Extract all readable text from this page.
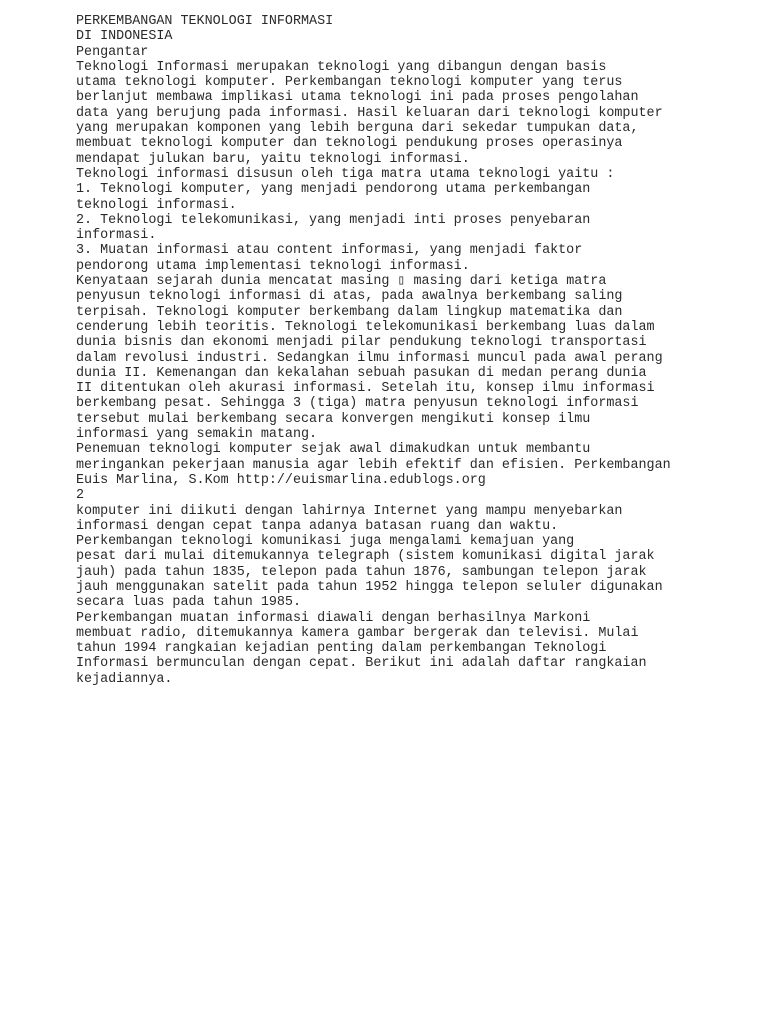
PERKEMBANGAN TEKNOLOGI INFORMASI
DI INDONESIA
Pengantar
Teknologi Informasi merupakan teknologi yang dibangun dengan basis
utama teknologi komputer. Perkembangan teknologi komputer yang terus
berlanjut membawa implikasi utama teknologi ini pada proses pengolahan
data yang berujung pada informasi. Hasil keluaran dari teknologi komputer
yang merupakan komponen yang lebih berguna dari sekedar tumpukan data,
membuat teknologi komputer dan teknologi pendukung proses operasinya
mendapat julukan baru, yaitu teknologi informasi.
Teknologi informasi disusun oleh tiga matra utama teknologi yaitu :
1. Teknologi komputer, yang menjadi pendorong utama perkembangan
teknologi informasi.
2. Teknologi telekomunikasi, yang menjadi inti proses penyebaran
informasi.
3. Muatan informasi atau content informasi, yang menjadi faktor
pendorong utama implementasi teknologi informasi.
Kenyataan sejarah dunia mencatat masing ▯ masing dari ketiga matra
penyusun teknologi informasi di atas, pada awalnya berkembang saling
terpisah. Teknologi komputer berkembang dalam lingkup matematika dan
cenderung lebih teoritis. Teknologi telekomunikasi berkembang luas dalam
dunia bisnis dan ekonomi menjadi pilar pendukung teknologi transportasi
dalam revolusi industri. Sedangkan ilmu informasi muncul pada awal perang
dunia II. Kemenangan dan kekalahan sebuah pasukan di medan perang dunia
II ditentukan oleh akurasi informasi. Setelah itu, konsep ilmu informasi
berkembang pesat. Sehingga 3 (tiga) matra penyusun teknologi informasi
tersebut mulai berkembang secara konvergen mengikuti konsep ilmu
informasi yang semakin matang.
Penemuan teknologi komputer sejak awal dimakudkan untuk membantu
meringankan pekerjaan manusia agar lebih efektif dan efisien. Perkembangan
Euis Marlina, S.Kom http://euismarlina.edublogs.org
2
komputer ini diikuti dengan lahirnya Internet yang mampu menyebarkan
informasi dengan cepat tanpa adanya batasan ruang dan waktu.
Perkembangan teknologi komunikasi juga mengalami kemajuan yang
pesat dari mulai ditemukannya telegraph (sistem komunikasi digital jarak
jauh) pada tahun 1835, telepon pada tahun 1876, sambungan telepon jarak
jauh menggunakan satelit pada tahun 1952 hingga telepon seluler digunakan
secara luas pada tahun 1985.
Perkembangan muatan informasi diawali dengan berhasilnya Markoni
membuat radio, ditemukannya kamera gambar bergerak dan televisi. Mulai
tahun 1994 rangkaian kejadian penting dalam perkembangan Teknologi
Informasi bermunculan dengan cepat. Berikut ini adalah daftar rangkaian
kejadiannya.
